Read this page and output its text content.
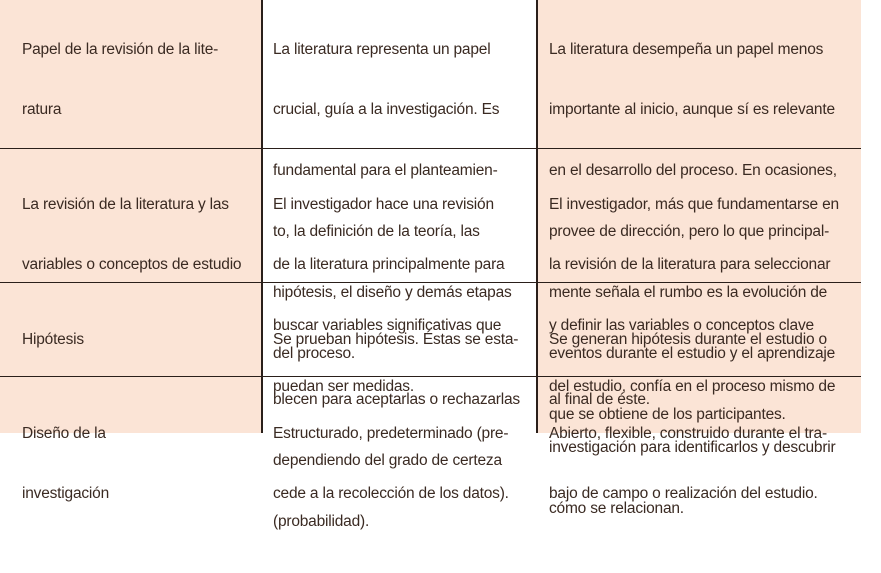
Papel de la revisión de la lite-

ratura

La literatura representa un papel

crucial, guía a la investigación. Es

fundamental para el planteamien-

to, la definición de la teoría, las

hipótesis, el diseño y demás etapas

del proceso.

La literatura desempeña un papel menos

importante al inicio, aunque sí es relevante

en el desarrollo del proceso. En ocasiones,

provee de dirección, pero lo que principal-

mente señala el rumbo es la evolución de

eventos durante el estudio y el aprendizaje

que se obtiene de los participantes.

La revisión de la literatura y las

variables o conceptos de estudio

El investigador hace una revisión

de la literatura principalmente para

buscar variables significativas que

puedan ser medidas.

El investigador, más que fundamentarse en

la revisión de la literatura para seleccionar

y definir las variables o conceptos clave

del estudio, confía en el proceso mismo de

investigación para identificarlos y descubrir

cómo se relacionan.

Hipótesis

	Se prueban hipótesis. Éstas se esta-

blecen para aceptarlas o rechazarlas

dependiendo del grado de certeza

(probabilidad).

Se generan hipótesis durante el estudio o

al final de éste.

Diseño de la

investigación

Estructurado, predeterminado (pre-

cede a la recolección de los datos).

Abierto, flexible, construido durante el tra-

bajo de campo o realización del estudio.
